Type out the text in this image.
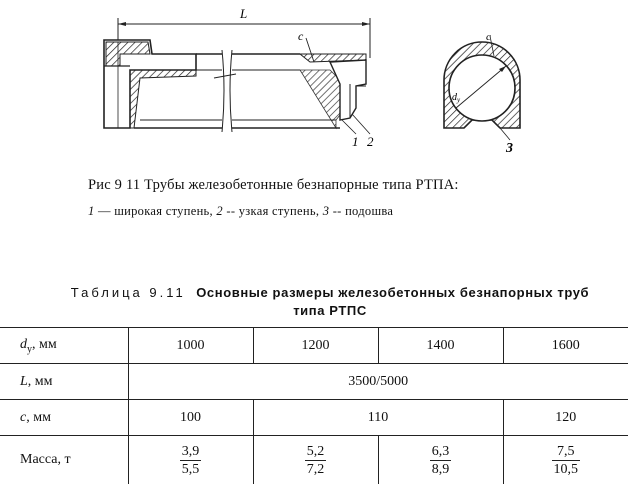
L
c
1 2
c
$d_y$
3
Рис 9 11 Трубы железобетонные безнапорные типа РТПА:
1 — широкая ступень, 2 -- узкая ступень, 3 -- подошва
Таблица 9.11 Основные размеры железобетонных безнапорных труб
типа РТПС
$d_у$, мм	1000	1200	1400	1600
L, мм	3500/5000			
c, мм	100	110		120
Масса, т	$\frac{3,9}{5,5}$	$\frac{5,2}{7,2}$	$\frac{6,3}{8,9}$	$\frac{7,5}{10,5}$
